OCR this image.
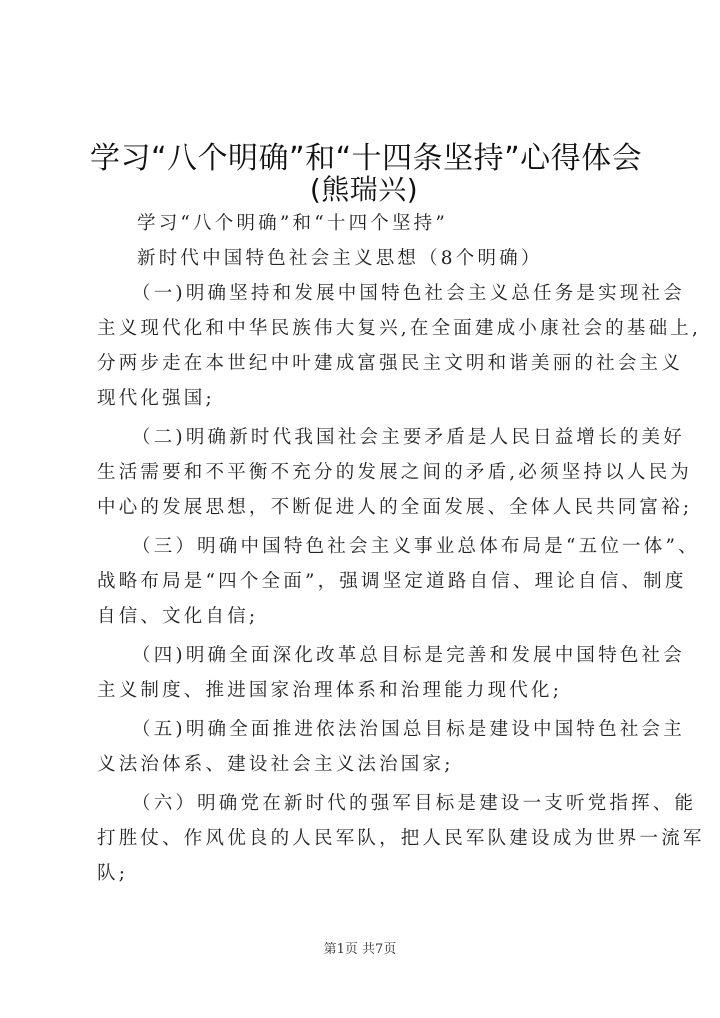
学习“八个明确”和“十四条坚持”心得体会
(熊瑞兴)
学习“八个明确”和“十四个坚持”
新时代中国特色社会主义思想（8个明确）
（一)明确坚持和发展中国特色社会主义总任务是实现社会
主义现代化和中华民族伟大复兴,在全面建成小康社会的基础上,
分两步走在本世纪中叶建成富强民主文明和谐美丽的社会主义
现代化强国;
（二)明确新时代我国社会主要矛盾是人民日益增长的美好
生活需要和不平衡不充分的发展之间的矛盾,必须坚持以人民为
中心的发展思想，不断促进人的全面发展、全体人民共同富裕;
（三）明确中国特色社会主义事业总体布局是“五位一体”、
战略布局是“四个全面”，强调坚定道路自信、理论自信、制度
自信、文化自信;
（四)明确全面深化改革总目标是完善和发展中国特色社会
主义制度、推进国家治理体系和治理能力现代化;
（五)明确全面推进依法治国总目标是建设中国特色社会主
义法治体系、建设社会主义法治国家;
（六）明确党在新时代的强军目标是建设一支听党指挥、能
打胜仗、作风优良的人民军队，把人民军队建设成为世界一流军
队;
第1页 共7页
